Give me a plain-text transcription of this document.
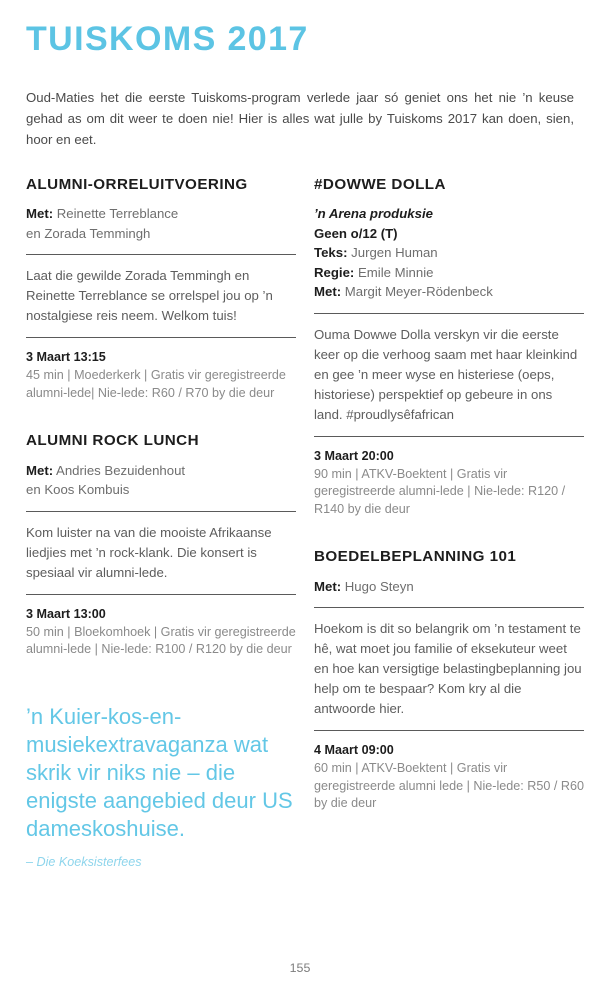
TUISKOMS 2017

Oud-Maties het die eerste Tuiskoms-program verlede jaar só geniet ons het nie ’n keuse gehad as om dit weer te doen nie! Hier is alles wat julle by Tuiskoms 2017 kan doen, sien, hoor en eet.

ALUMNI-ORRELUITVOERING

Met: Reinette Terreblance
en Zorada Temmingh

Laat die gewilde Zorada Temmingh en Reinette Terreblance se orrelspel jou op ’n nostalgiese reis neem. Welkom tuis!

3 Maart 13:15

45 min | Moederkerk | Gratis vir geregistreerde alumni-lede| Nie-lede: R60 / R70 by die deur

ALUMNI ROCK LUNCH

Met: Andries Bezuidenhout
en Koos Kombuis

Kom luister na van die mooiste Afrikaanse liedjies met ’n rock-klank. Die konsert is spesiaal vir alumni-lede.

3 Maart 13:00

50 min | Bloekomhoek | Gratis vir geregistreerde alumni-lede | Nie-lede: R100 / R120 by die deur

’n Kuier-kos-en-musiekextravaganza wat skrik vir niks nie – die enigste aangebied deur US dameskoshuise.

– Die Koeksisterfees
#DOWWE DOLLA

’n Arena produksie
Geen o/12 (T)
Teks: Jurgen Human
Regie: Emile Minnie
Met: Margit Meyer-Rödenbeck

Ouma Dowwe Dolla verskyn vir die eerste keer op die verhoog saam met haar kleinkind en gee ’n meer wyse en histeriese (oeps, historiese) perspektief op gebeure in ons land. #proudlysêfafrican

3 Maart 20:00

90 min | ATKV-Boektent | Gratis vir geregistreerde alumni-lede | Nie-lede: R120 / R140 by die deur

BOEDELBEPLANNING 101

Met: Hugo Steyn

Hoekom is dit so belangrik om ’n testament te hê, wat moet jou familie of eksekuteur weet en hoe kan versigtige belastingbeplanning jou help om te bespaar? Kom kry al die antwoorde hier.

4 Maart 09:00

60 min | ATKV-Boektent | Gratis vir geregistreerde alumni lede | Nie-lede: R50 / R60 by die deur

155
